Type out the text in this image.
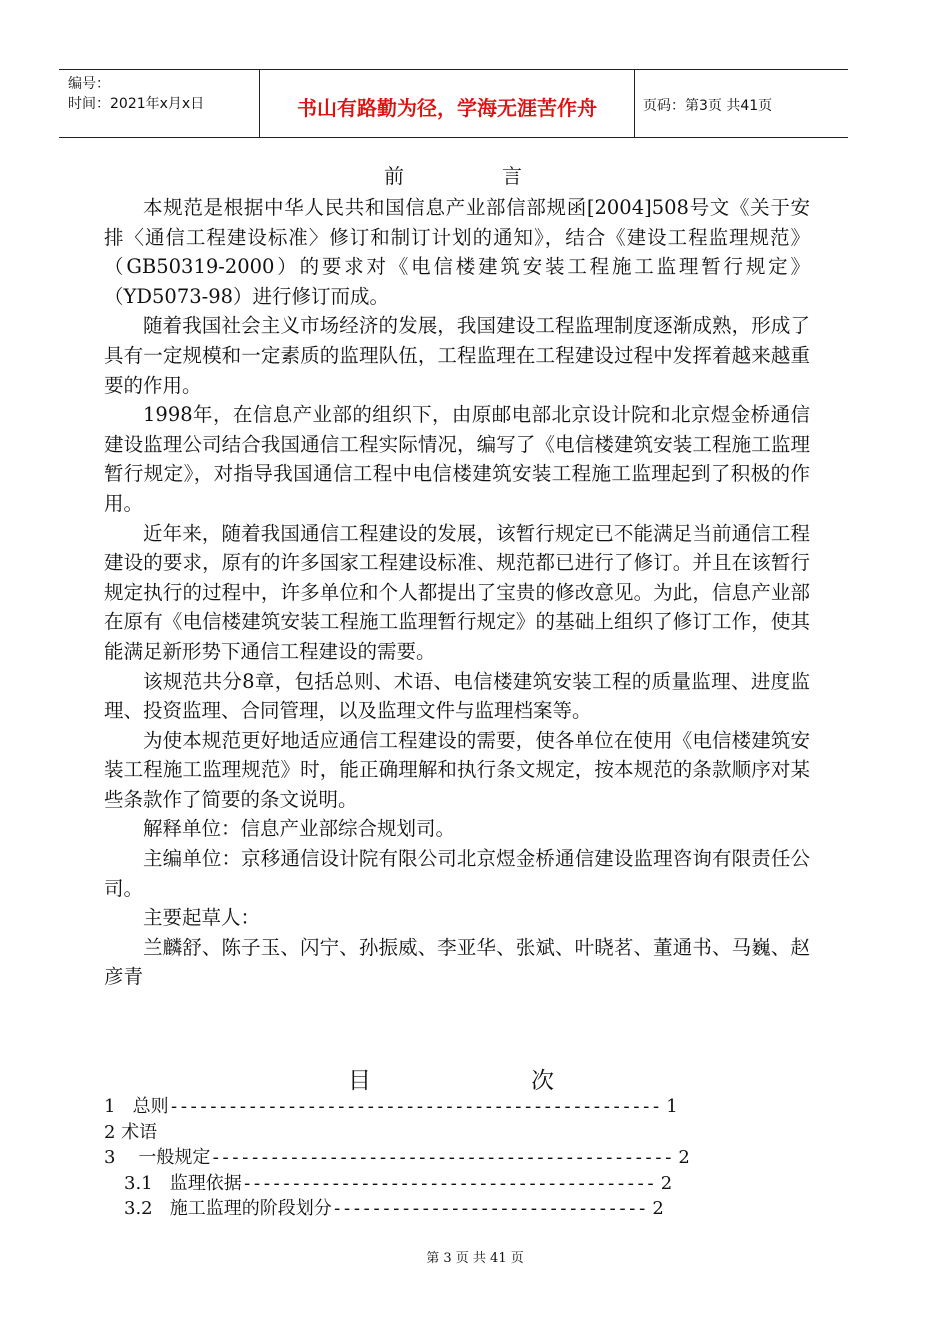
编号：
时间：2021年x月x日	书山有路勤为径，学海无涯苦作舟	页码：第3页 共41页
前	言

本规范是根据中华人民共和国信息产业部信部规函[2004]508号文《关于安排〈通信工程建设标准〉修订和制订计划的通知》，结合《建设工程监理规范》（GB50319-2000）的要求对《电信楼建筑安装工程施工监理暂行规定》（YD5073-98）进行修订而成。

随着我国社会主义市场经济的发展，我国建设工程监理制度逐渐成熟，形成了具有一定规模和一定素质的监理队伍，工程监理在工程建设过程中发挥着越来越重要的作用。

1998年，在信息产业部的组织下，由原邮电部北京设计院和北京煜金桥通信建设监理公司结合我国通信工程实际情况，编写了《电信楼建筑安装工程施工监理暂行规定》，对指导我国通信工程中电信楼建筑安装工程施工监理起到了积极的作用。

近年来，随着我国通信工程建设的发展，该暂行规定已不能满足当前通信工程建设的要求，原有的许多国家工程建设标准、规范都已进行了修订。并且在该暂行规定执行的过程中，许多单位和个人都提出了宝贵的修改意见。为此，信息产业部在原有《电信楼建筑安装工程施工监理暂行规定》的基础上组织了修订工作，使其能满足新形势下通信工程建设的需要。

该规范共分8章，包括总则、术语、电信楼建筑安装工程的质量监理、进度监理、投资监理、合同管理，以及监理文件与监理档案等。

为使本规范更好地适应通信工程建设的需要，使各单位在使用《电信楼建筑安装工程施工监理规范》时，能正确理解和执行条文规定，按本规范的条款顺序对某些条款作了简要的条文说明。

解释单位：信息产业部综合规划司。

主编单位：京移通信设计院有限公司北京煜金桥通信建设监理咨询有限责任公司。

主要起草人：

兰麟舒、陈子玉、闪宁、孙振威、李亚华、张斌、叶晓茗、董通书、马巍、赵彦青

目	次
1   总则-------------------------------------------------- 1
2 术语
3    一般规定----------------------------------------------- 2
3.1   监理依据------------------------------------------ 2
3.2   施工监理的阶段划分-------------------------------- 2
第 3 页 共 41 页
